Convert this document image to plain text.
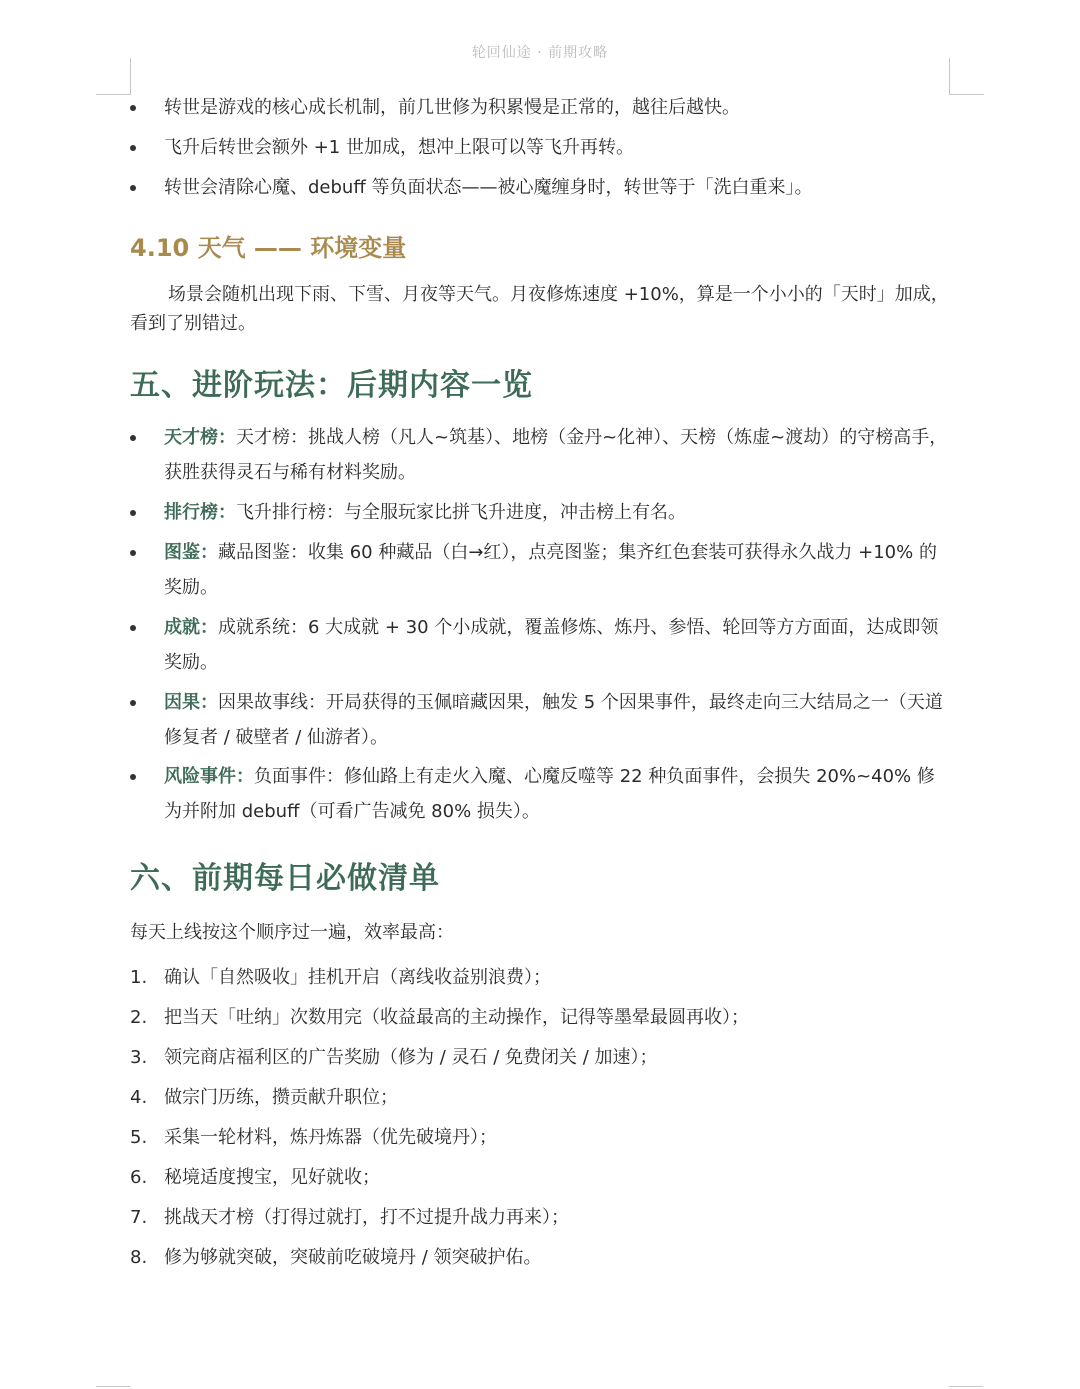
轮回仙途 · 前期攻略
转世是游戏的核心成长机制，前几世修为积累慢是正常的，越往后越快。
飞升后转世会额外 +1 世加成，想冲上限可以等飞升再转。
转世会清除心魔、debuff 等负面状态——被心魔缠身时，转世等于「洗白重来」。
4.10 天气 —— 环境变量
场景会随机出现下雨、下雪、月夜等天气。月夜修炼速度 +10%，算是一个小小的「天时」加成，看到了别错过。
五、进阶玩法：后期内容一览
天才榜：天才榜：挑战人榜（凡人~筑基）、地榜（金丹~化神）、天榜（炼虚~渡劫）的守榜高手，获胜获得灵石与稀有材料奖励。
排行榜：飞升排行榜：与全服玩家比拼飞升进度，冲击榜上有名。
图鉴：藏品图鉴：收集 60 种藏品（白→红），点亮图鉴；集齐红色套装可获得永久战力 +10% 的奖励。
成就：成就系统：6 大成就 + 30 个小成就，覆盖修炼、炼丹、参悟、轮回等方方面面，达成即领奖励。
因果：因果故事线：开局获得的玉佩暗藏因果，触发 5 个因果事件，最终走向三大结局之一（天道修复者 / 破壁者 / 仙游者）。
风险事件：负面事件：修仙路上有走火入魔、心魔反噬等 22 种负面事件，会损失 20%~40% 修为并附加 debuff（可看广告减免 80% 损失）。
六、前期每日必做清单
每天上线按这个顺序过一遍，效率最高：
1. 确认「自然吸收」挂机开启（离线收益别浪费）；
2. 把当天「吐纳」次数用完（收益最高的主动操作，记得等墨晕最圆再收）；
3. 领完商店福利区的广告奖励（修为 / 灵石 / 免费闭关 / 加速）；
4. 做宗门历练，攒贡献升职位；
5. 采集一轮材料，炼丹炼器（优先破境丹）；
6. 秘境适度搜宝，见好就收；
7. 挑战天才榜（打得过就打，打不过提升战力再来）；
8. 修为够就突破，突破前吃破境丹 / 领突破护佑。
